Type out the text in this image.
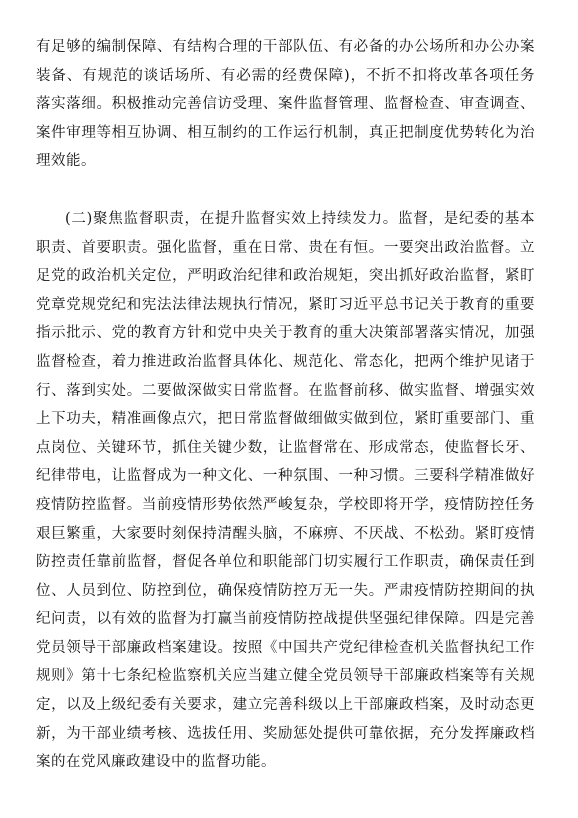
有足够的编制保障、有结构合理的干部队伍、有必备的办公场所和办公办案装备、有规范的谈话场所、有必需的经费保障)，不折不扣将改革各项任务落实落细。积极推动完善信访受理、案件监督管理、监督检查、审查调查、案件审理等相互协调、相互制约的工作运行机制，真正把制度优势转化为治理效能。

(二)聚焦监督职责，在提升监督实效上持续发力。监督，是纪委的基本职责、首要职责。强化监督，重在日常、贵在有恒。一要突出政治监督。立足党的政治机关定位，严明政治纪律和政治规矩，突出抓好政治监督，紧盯党章党规党纪和宪法法律法规执行情况，紧盯习近平总书记关于教育的重要指示批示、党的教育方针和党中央关于教育的重大决策部署落实情况，加强监督检查，着力推进政治监督具体化、规范化、常态化，把两个维护见诸于行、落到实处。二要做深做实日常监督。在监督前移、做实监督、增强实效上下功夫，精准画像点穴，把日常监督做细做实做到位，紧盯重要部门、重点岗位、关键环节，抓住关键少数，让监督常在、形成常态，使监督长牙、纪律带电，让监督成为一种文化、一种氛围、一种习惯。三要科学精准做好疫情防控监督。当前疫情形势依然严峻复杂，学校即将开学，疫情防控任务艰巨繁重，大家要时刻保持清醒头脑，不麻痹、不厌战、不松劲。紧盯疫情防控责任靠前监督，督促各单位和职能部门切实履行工作职责，确保责任到位、人员到位、防控到位，确保疫情防控万无一失。严肃疫情防控期间的执纪问责，以有效的监督为打赢当前疫情防控战提供坚强纪律保障。四是完善党员领导干部廉政档案建设。按照《中国共产党纪律检查机关监督执纪工作规则》第十七条纪检监察机关应当建立健全党员领导干部廉政档案等有关规定，以及上级纪委有关要求，建立完善科级以上干部廉政档案，及时动态更新，为干部业绩考核、选拔任用、奖励惩处提供可靠依据，充分发挥廉政档案的在党风廉政建设中的监督功能。
